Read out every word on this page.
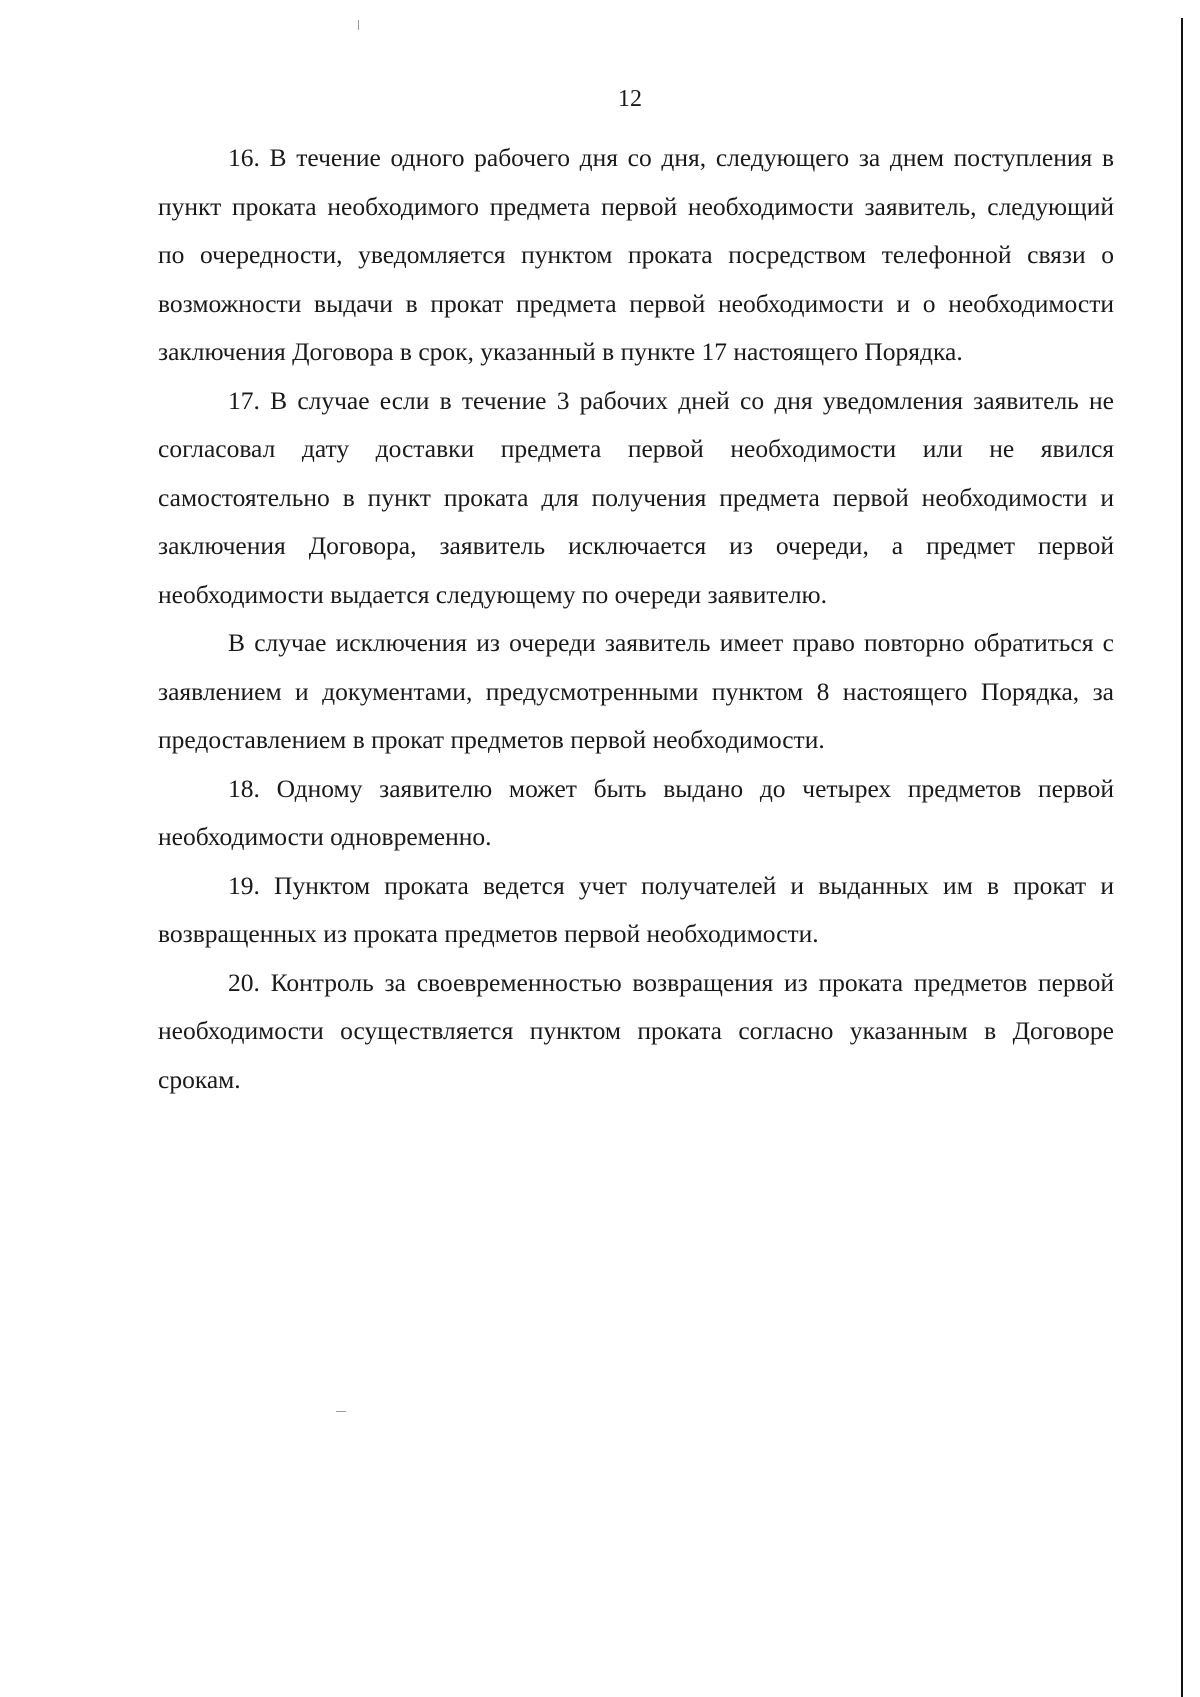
12

16. В течение одного рабочего дня со дня, следующего за днем поступления в пункт проката необходимого предмета первой необходимости заявитель, следующий по очередности, уведомляется пунктом проката посредством телефонной связи о возможности выдачи в прокат предмета первой необходимости и о необходимости заключения Договора в срок, указанный в пункте 17 настоящего Порядка.

17. В случае если в течение 3 рабочих дней со дня уведомления заявитель не согласовал дату доставки предмета первой необходимости или не явился самостоятельно в пункт проката для получения предмета первой необходимости и заключения Договора, заявитель исключается из очереди, а предмет первой необходимости выдается следующему по очереди заявителю.

В случае исключения из очереди заявитель имеет право повторно обратиться с заявлением и документами, предусмотренными пунктом 8 настоящего Порядка, за предоставлением в прокат предметов первой необходимости.

18. Одному заявителю может быть выдано до четырех предметов первой необходимости одновременно.

19. Пунктом проката ведется учет получателей и выданных им в прокат и возвращенных из проката предметов первой необходимости.

20. Контроль за своевременностью возвращения из проката предметов первой необходимости осуществляется пунктом проката согласно указанным в Договоре срокам.
